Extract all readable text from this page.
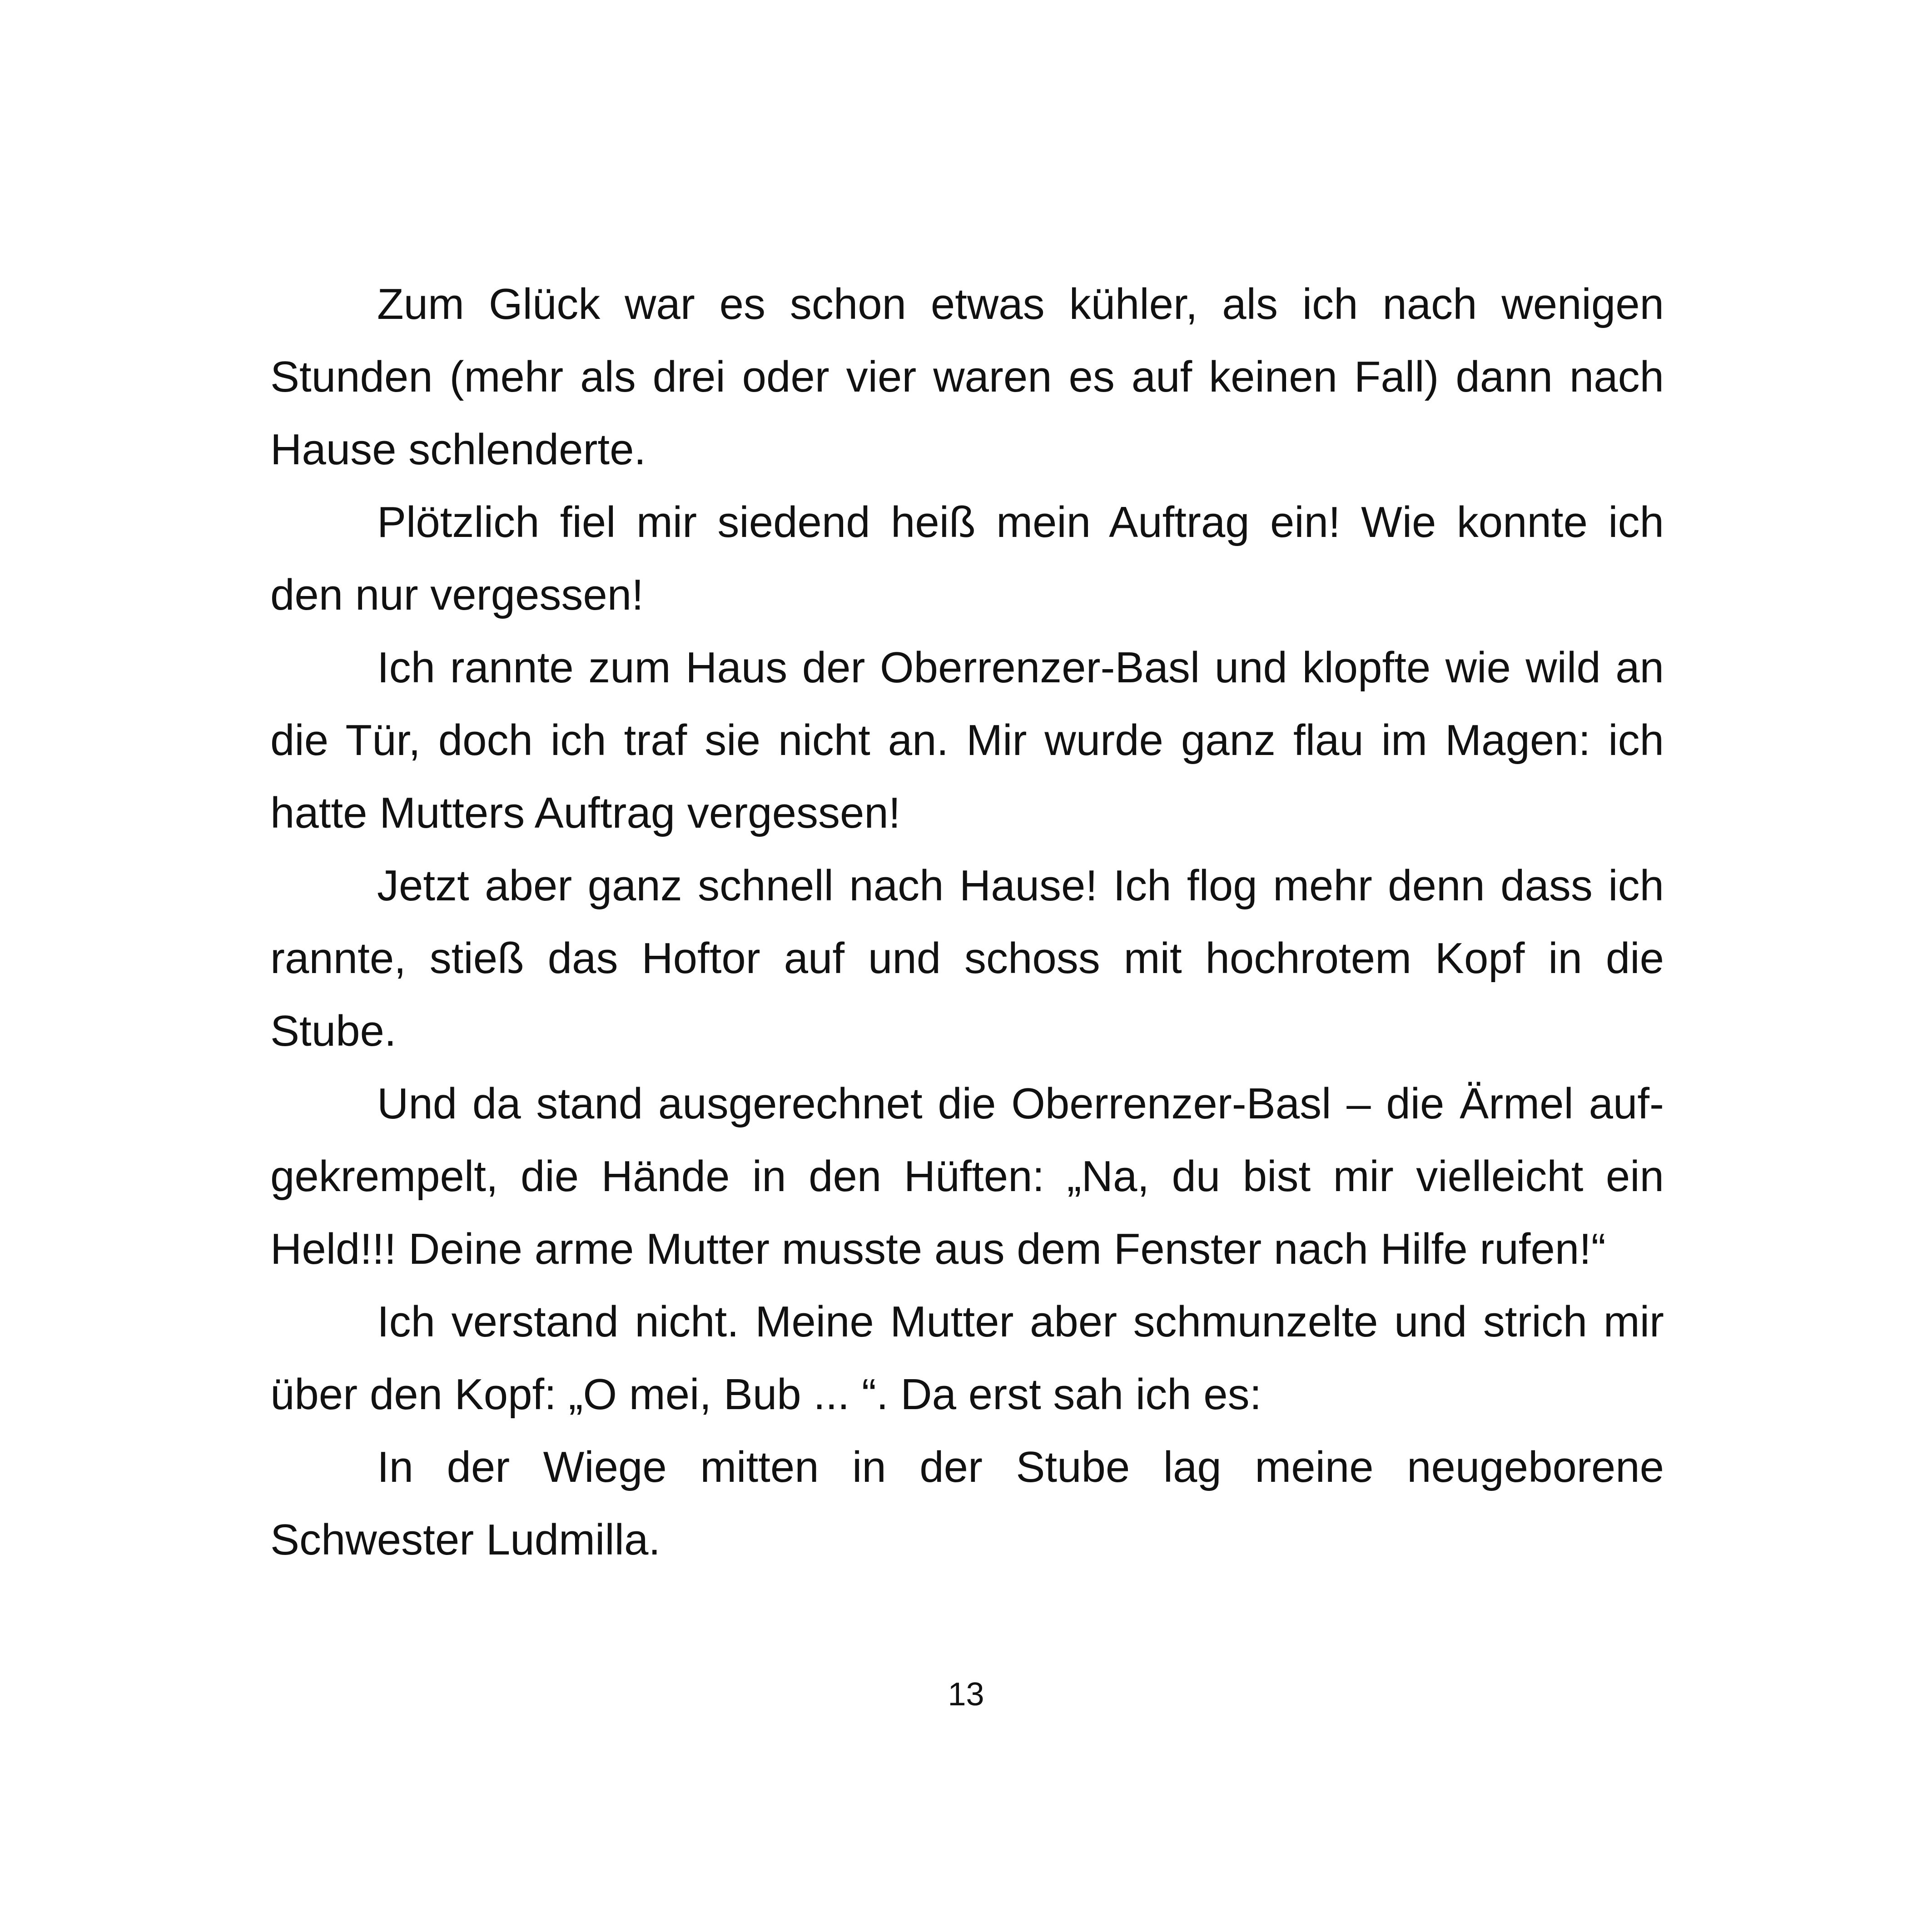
Zum Glück war es schon etwas kühler, als ich nach wenigen Stunden (mehr als drei oder vier waren es auf keinen Fall) dann nach Hause schlenderte.

Plötzlich fiel mir siedend heiß mein Auftrag ein! Wie konnte ich den nur vergessen!

Ich rannte zum Haus der Oberrenzer-Basl und klopfte wie wild an die Tür, doch ich traf sie nicht an. Mir wurde ganz flau im Magen: ich hatte Mutters Auftrag vergessen!

Jetzt aber ganz schnell nach Hause! Ich flog mehr denn dass ich rannte, stieß das Hoftor auf und schoss mit hochrotem Kopf in die Stube.

Und da stand ausgerechnet die Oberrenzer-Basl – die Ärmel auf-gekrempelt, die Hände in den Hüften: „Na, du bist mir vielleicht ein Held!!! Deine arme Mutter musste aus dem Fenster nach Hilfe rufen!“

Ich verstand nicht. Meine Mutter aber schmunzelte und strich mir über den Kopf: „O mei, Bub ... “. Da erst sah ich es:

In der Wiege mitten in der Stube lag meine neugeborene Schwester Ludmilla.

13
